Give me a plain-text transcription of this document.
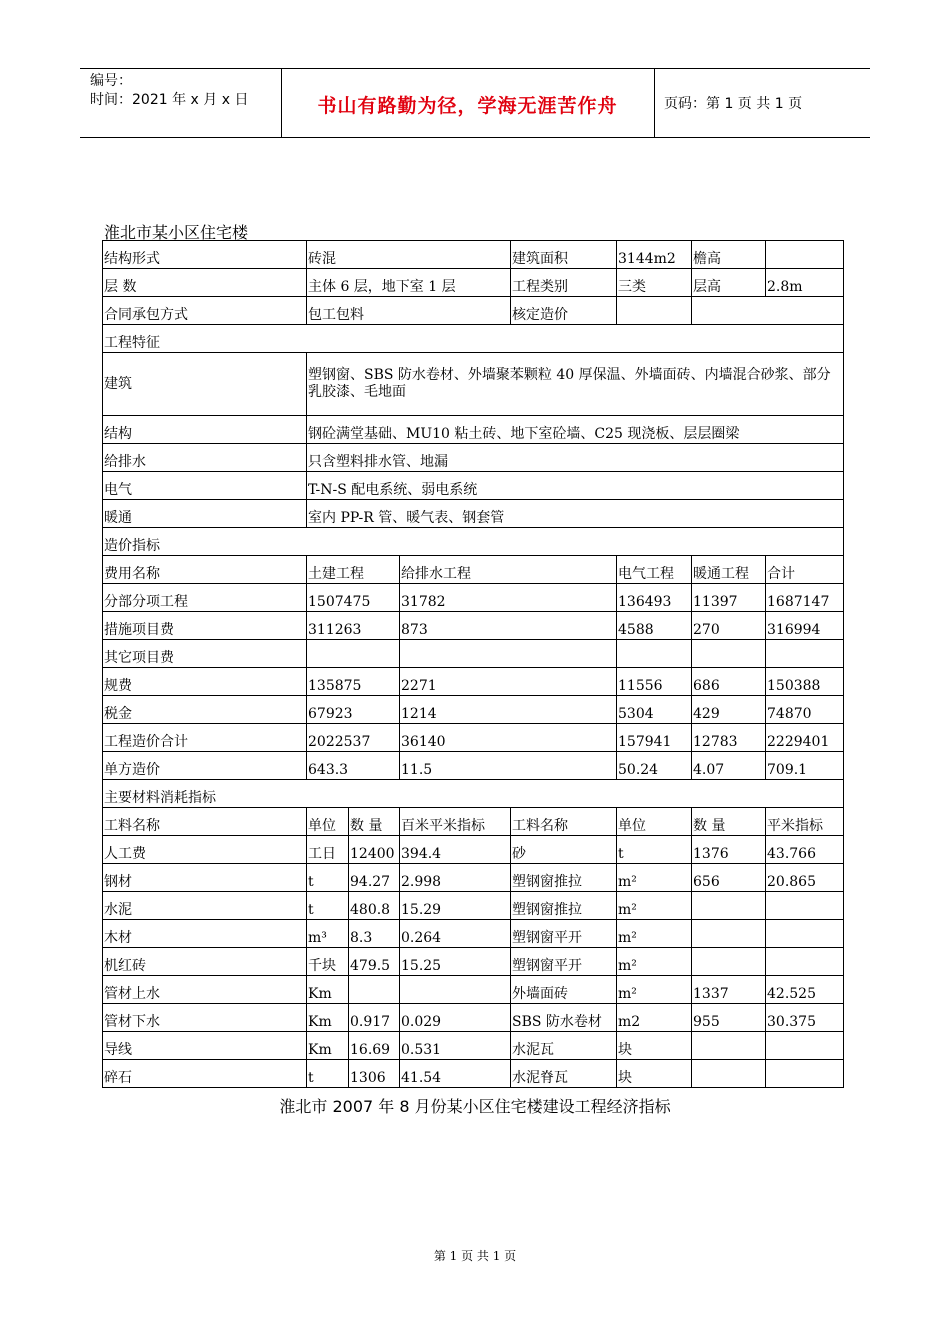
编号：
时间：2021 年 x 月 x 日	书山有路勤为径，学海无涯苦作舟	页码：第 1 页 共 1 页
淮北市某小区住宅楼
结构形式	砖混			建筑面积	3144m2	檐高	
层 数	主体 6 层，地下室 1 层			工程类别	三类	层高	2.8m
合同承包方式	包工包料			核定造价			
工程特征							
建筑	塑钢窗、SBS 防水卷材、外墙聚苯颗粒 40 厚保温、外墙面砖、内墙混合砂浆、部分乳胶漆、毛地面						
结构	钢砼满堂基础、MU10 粘土砖、地下室砼墙、C25 现浇板、层层圈梁						
给排水	只含塑料排水管、地漏						
电气	T-N-S 配电系统、弱电系统						
暖通	室内 PP-R 管、暖气表、钢套管						
造价指标							
费用名称	土建工程		给排水工程		电气工程	暖通工程	合计
分部分项工程	1507475		31782		136493	11397	1687147
措施项目费	311263		873		4588	270	316994
其它项目费							
规费	135875		2271		11556	686	150388
税金	67923		1214		5304	429	74870
工程造价合计	2022537		36140		157941	12783	2229401
单方造价	643.3		11.5		50.24	4.07	709.1
主要材料消耗指标							
工料名称	单位	数 量	百米平米指标	工料名称	单位	数 量	平米指标
人工费	工日	12400	394.4	砂	t	1376	43.766
钢材	t	94.27	2.998	塑钢窗推拉	m²	656	20.865
水泥	t	480.8	15.29	塑钢窗推拉	m²		
木材	m³	8.3	0.264	塑钢窗平开	m²		
机红砖	千块	479.5	15.25	塑钢窗平开	m²		
管材上水	Km			外墙面砖	m²	1337	42.525
管材下水	Km	0.917	0.029	SBS 防水卷材	m2	955	30.375
导线	Km	16.69	0.531	水泥瓦	块		
碎石	t	1306	41.54	水泥脊瓦	块		
淮北市 2007 年 8 月份某小区住宅楼建设工程经济指标
第 1 页 共 1 页
